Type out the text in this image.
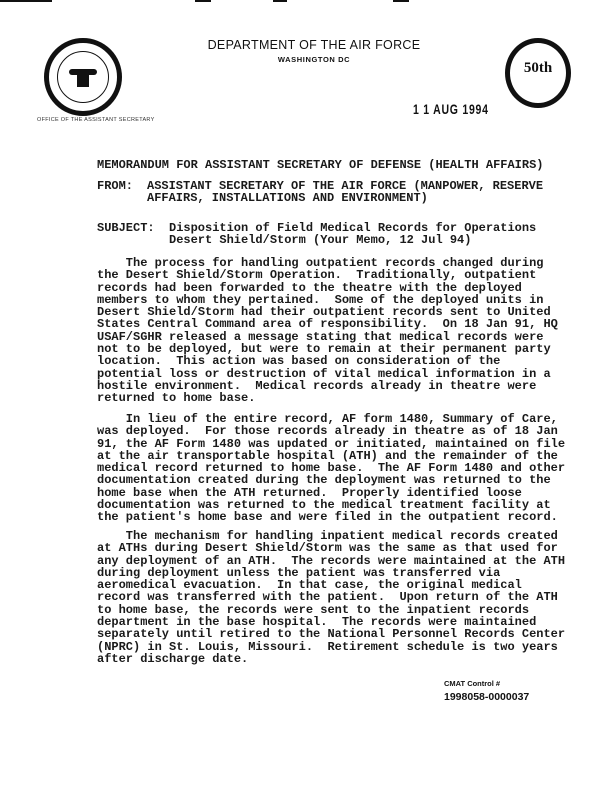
DEPARTMENT OF THE AIR FORCE
WASHINGTON DC
50th
OFFICE OF THE ASSISTANT SECRETARY
1 1 AUG 1994
MEMORANDUM FOR ASSISTANT SECRETARY OF DEFENSE (HEALTH AFFAIRS)
FROM: ASSISTANT SECRETARY OF THE AIR FORCE (MANPOWER, RESERVE
AFFAIRS, INSTALLATIONS AND ENVIRONMENT)
SUBJECT: Disposition of Field Medical Records for Operations
Desert Shield/Storm (Your Memo, 12 Jul 94)
The process for handling outpatient records changed during
the Desert Shield/Storm Operation.  Traditionally, outpatient
records had been forwarded to the theatre with the deployed
members to whom they pertained.  Some of the deployed units in
Desert Shield/Storm had their outpatient records sent to United
States Central Command area of responsibility.  On 18 Jan 91, HQ
USAF/SGHR released a message stating that medical records were
not to be deployed, but were to remain at their permanent party
location.  This action was based on consideration of the
potential loss or destruction of vital medical information in a
hostile environment.  Medical records already in theatre were
returned to home base.
In lieu of the entire record, AF form 1480, Summary of Care,
was deployed.  For those records already in theatre as of 18 Jan
91, the AF Form 1480 was updated or initiated, maintained on file
at the air transportable hospital (ATH) and the remainder of the
medical record returned to home base.  The AF Form 1480 and other
documentation created during the deployment was returned to the
home base when the ATH returned.  Properly identified loose
documentation was returned to the medical treatment facility at
the patient's home base and were filed in the outpatient record.
The mechanism for handling inpatient medical records created
at ATHs during Desert Shield/Storm was the same as that used for
any deployment of an ATH.  The records were maintained at the ATH
during deployment unless the patient was transferred via
aeromedical evacuation.  In that case, the original medical
record was transferred with the patient.  Upon return of the ATH
to home base, the records were sent to the inpatient records
department in the base hospital.  The records were maintained
separately until retired to the National Personnel Records Center
(NPRC) in St. Louis, Missouri.  Retirement schedule is two years
after discharge date.
CMAT Control #
1998058-0000037
